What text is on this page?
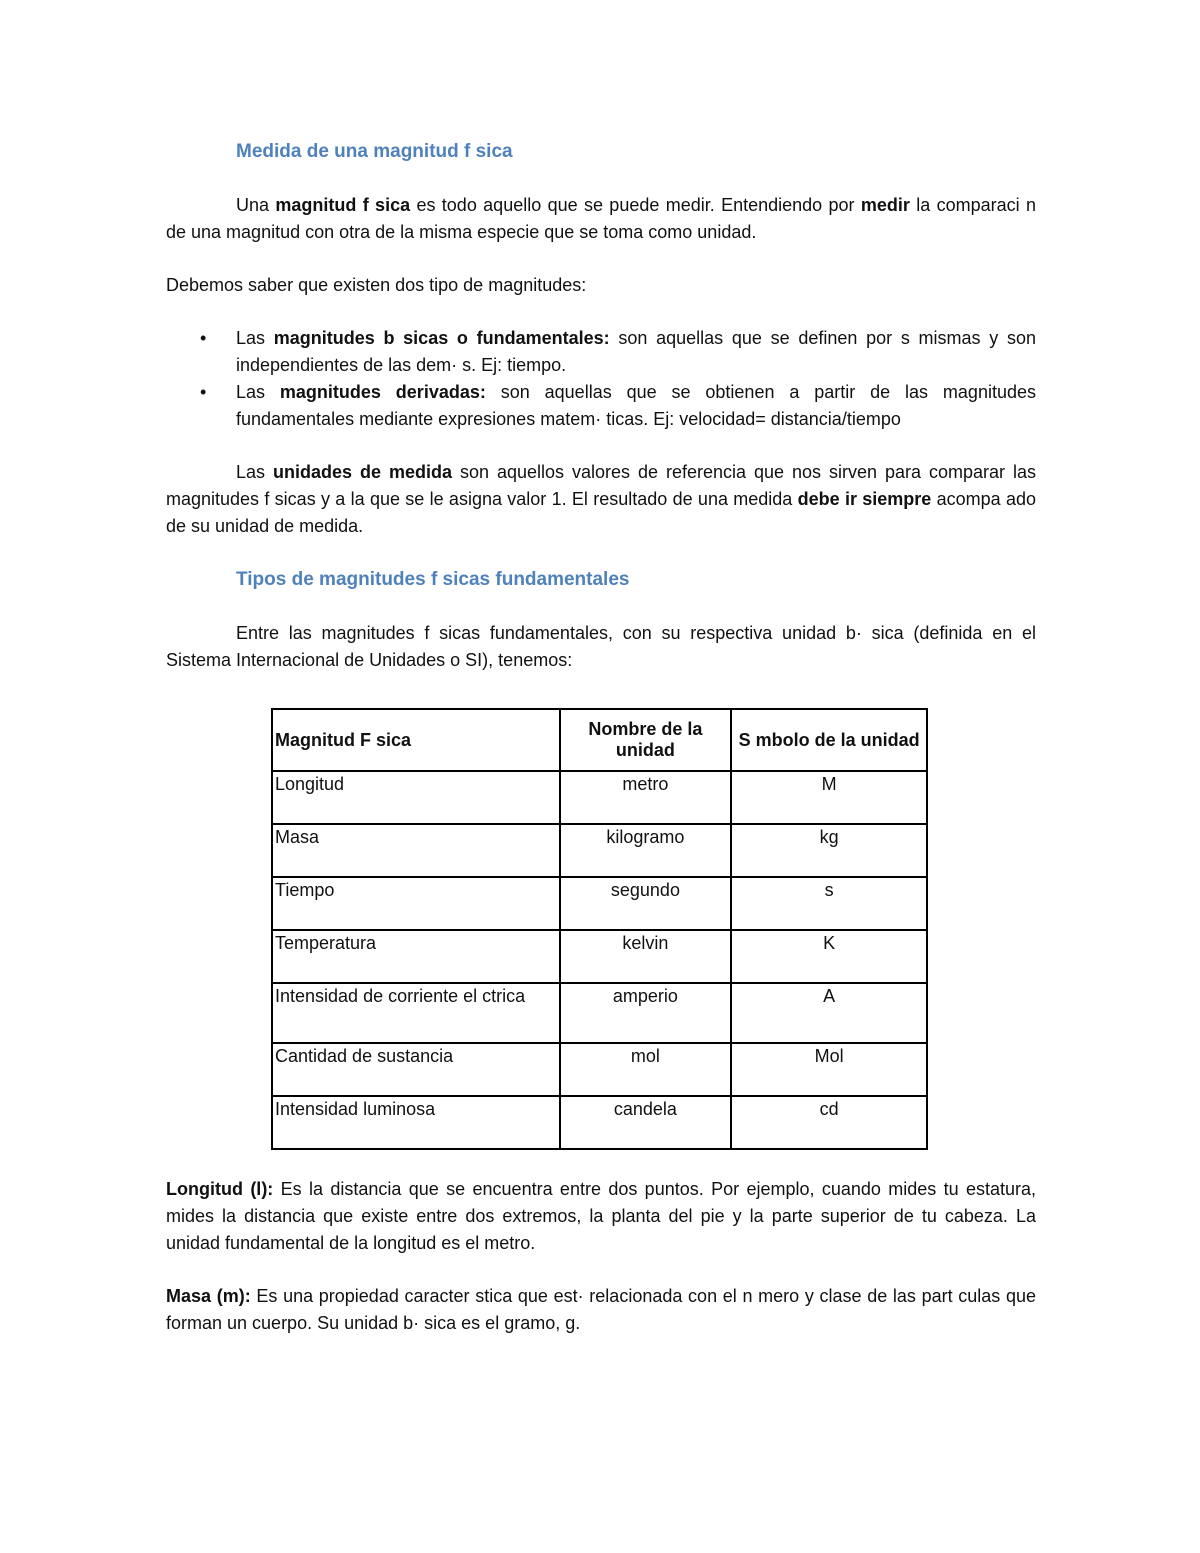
Medida de una magnitud f sica

Una magnitud f sica es todo aquello que se puede medir. Entendiendo por medir la comparaci n de una magnitud con otra de la misma especie que se toma como unidad.

Debemos saber que existen dos tipo de magnitudes:

• Las magnitudes b sicas o fundamentales: son aquellas que se definen por s mismas y son independientes de las dem· s. Ej: tiempo.
• Las magnitudes derivadas: son aquellas que se obtienen a partir de las magnitudes fundamentales mediante expresiones matem· ticas. Ej: velocidad= distancia/tiempo

Las unidades de medida son aquellos valores de referencia que nos sirven para comparar las magnitudes f sicas y a la que se le asigna valor 1. El resultado de una medida debe ir siempre acompa ado de su unidad de medida.

Tipos de magnitudes f sicas fundamentales

Entre las magnitudes f sicas fundamentales, con su respectiva unidad b· sica (definida en el Sistema Internacional de Unidades o SI), tenemos:

Magnitud F sica	Nombre de la unidad	S mbolo de la unidad
Longitud	metro	M
Masa	kilogramo	kg
Tiempo	segundo	s
Temperatura	kelvin	K
Intensidad de corriente el ctrica	amperio	A
Cantidad de sustancia	mol	Mol
Intensidad luminosa	candela	cd

Longitud (l): Es la distancia que se encuentra entre dos puntos. Por ejemplo, cuando mides tu estatura, mides la distancia que existe entre dos extremos, la planta del pie y la parte superior de tu cabeza. La unidad fundamental de la longitud es el metro.

Masa (m): Es una propiedad caracter stica que est· relacionada con el n mero y clase de las part culas que forman un cuerpo. Su unidad b· sica es el gramo, g.
